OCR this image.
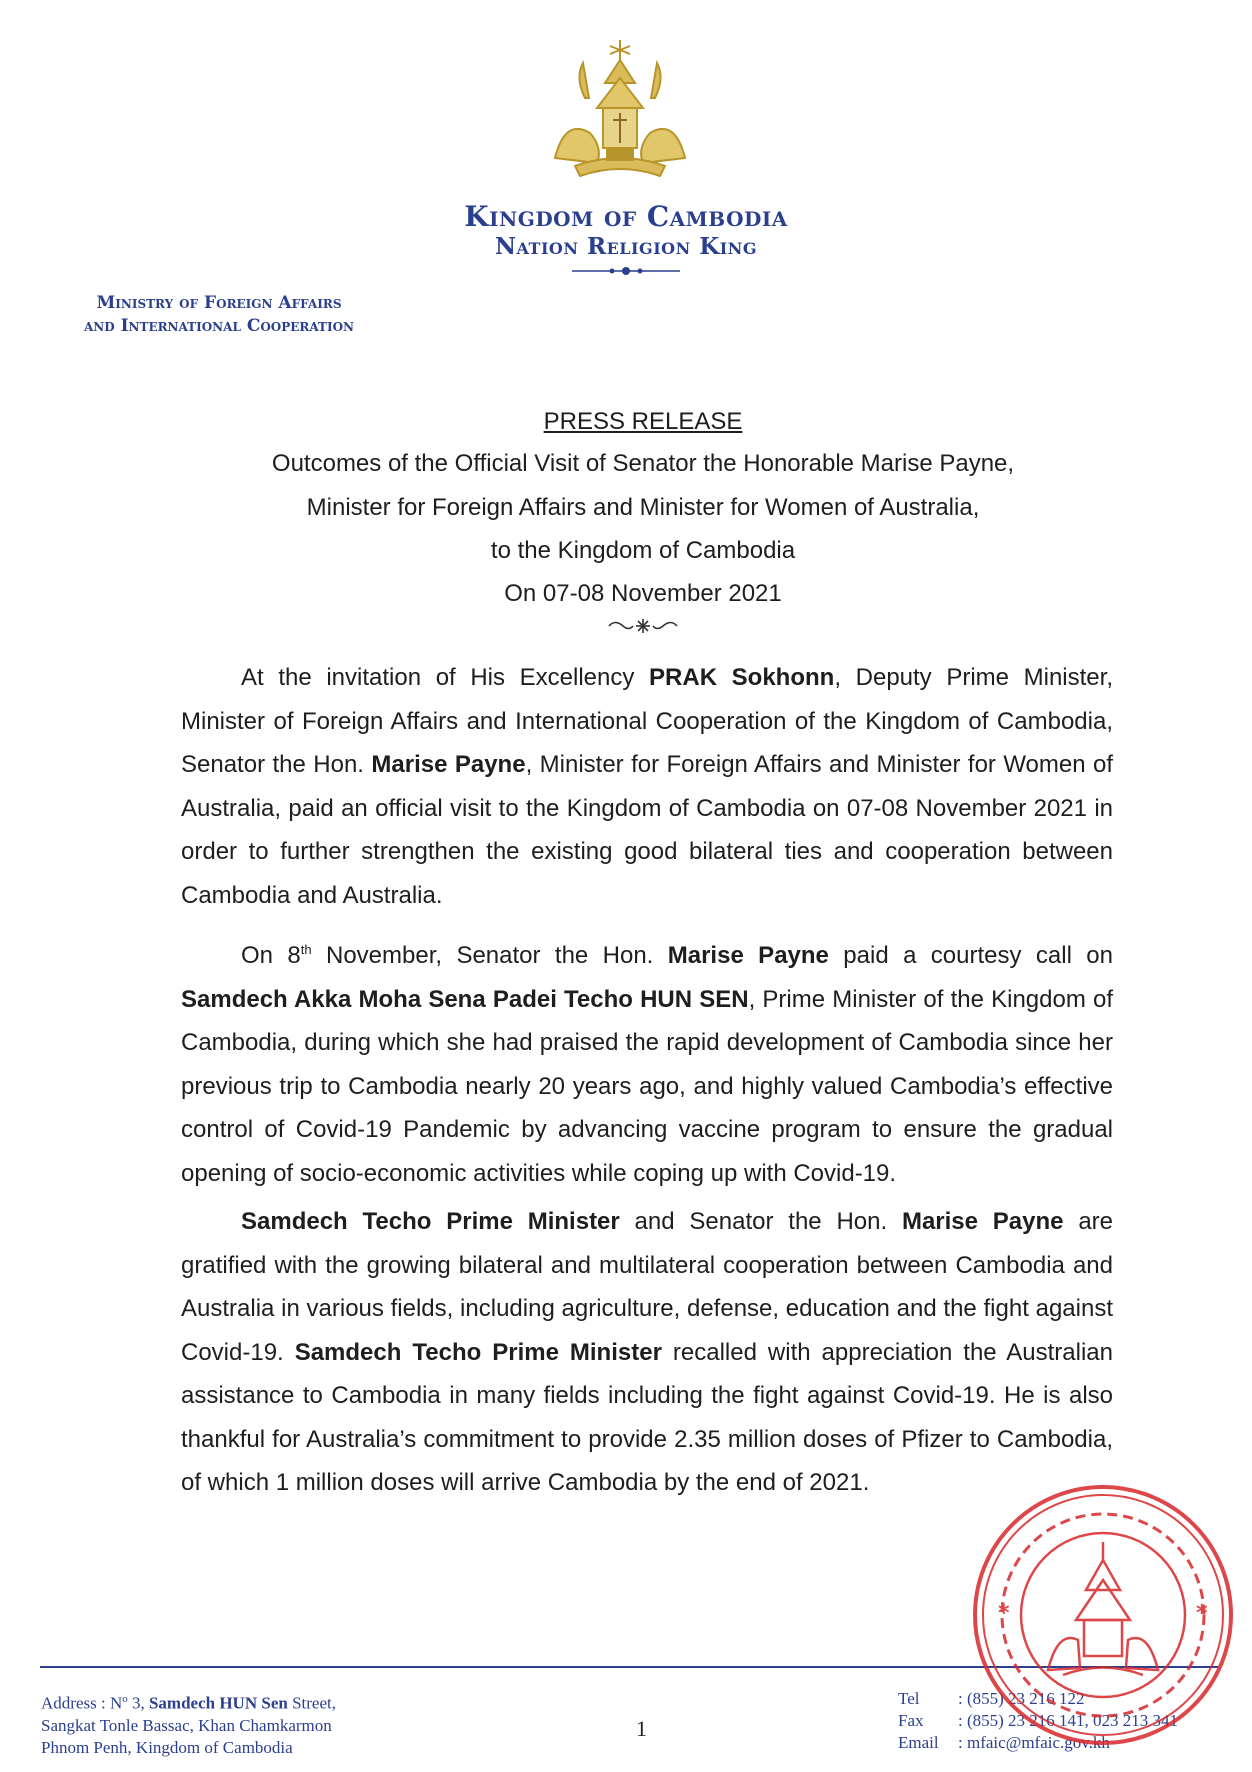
Kingdom of Cambodia
Nation Religion King
Ministry of Foreign Affairs
and International Cooperation
PRESS RELEASE
Outcomes of the Official Visit of Senator the Honorable Marise Payne,
Minister for Foreign Affairs and Minister for Women of Australia,
to the Kingdom of Cambodia
On 07-08 November 2021

At the invitation of His Excellency PRAK Sokhonn, Deputy Prime Minister, Minister of Foreign Affairs and International Cooperation of the Kingdom of Cambodia, Senator the Hon. Marise Payne, Minister for Foreign Affairs and Minister for Women of Australia, paid an official visit to the Kingdom of Cambodia on 07-08 November 2021 in order to further strengthen the existing good bilateral ties and cooperation between Cambodia and Australia.

On 8th November, Senator the Hon. Marise Payne paid a courtesy call on Samdech Akka Moha Sena Padei Techo HUN SEN, Prime Minister of the Kingdom of Cambodia, during which she had praised the rapid development of Cambodia since her previous trip to Cambodia nearly 20 years ago, and highly valued Cambodia’s effective control of Covid-19 Pandemic by advancing vaccine program to ensure the gradual opening of socio-economic activities while coping up with Covid-19.

Samdech Techo Prime Minister and Senator the Hon. Marise Payne are gratified with the growing bilateral and multilateral cooperation between Cambodia and Australia in various fields, including agriculture, defense, education and the fight against Covid-19. Samdech Techo Prime Minister recalled with appreciation the Australian assistance to Cambodia in many fields including the fight against Covid-19. He is also thankful for Australia’s commitment to provide 2.35 million doses of Pfizer to Cambodia, of which 1 million doses will arrive Cambodia by the end of 2021.

Address : $N^o$ 3, Samdech HUN Sen Street,
Sangkat Tonle Bassac, Khan Chamkarmon
Phnom Penh, Kingdom of Cambodia
1
Tel : (855) 23 216 122
Fax : (855) 23 216 141, 023 213 341
Email : mfaic@mfaic.gov.kh
*	*
